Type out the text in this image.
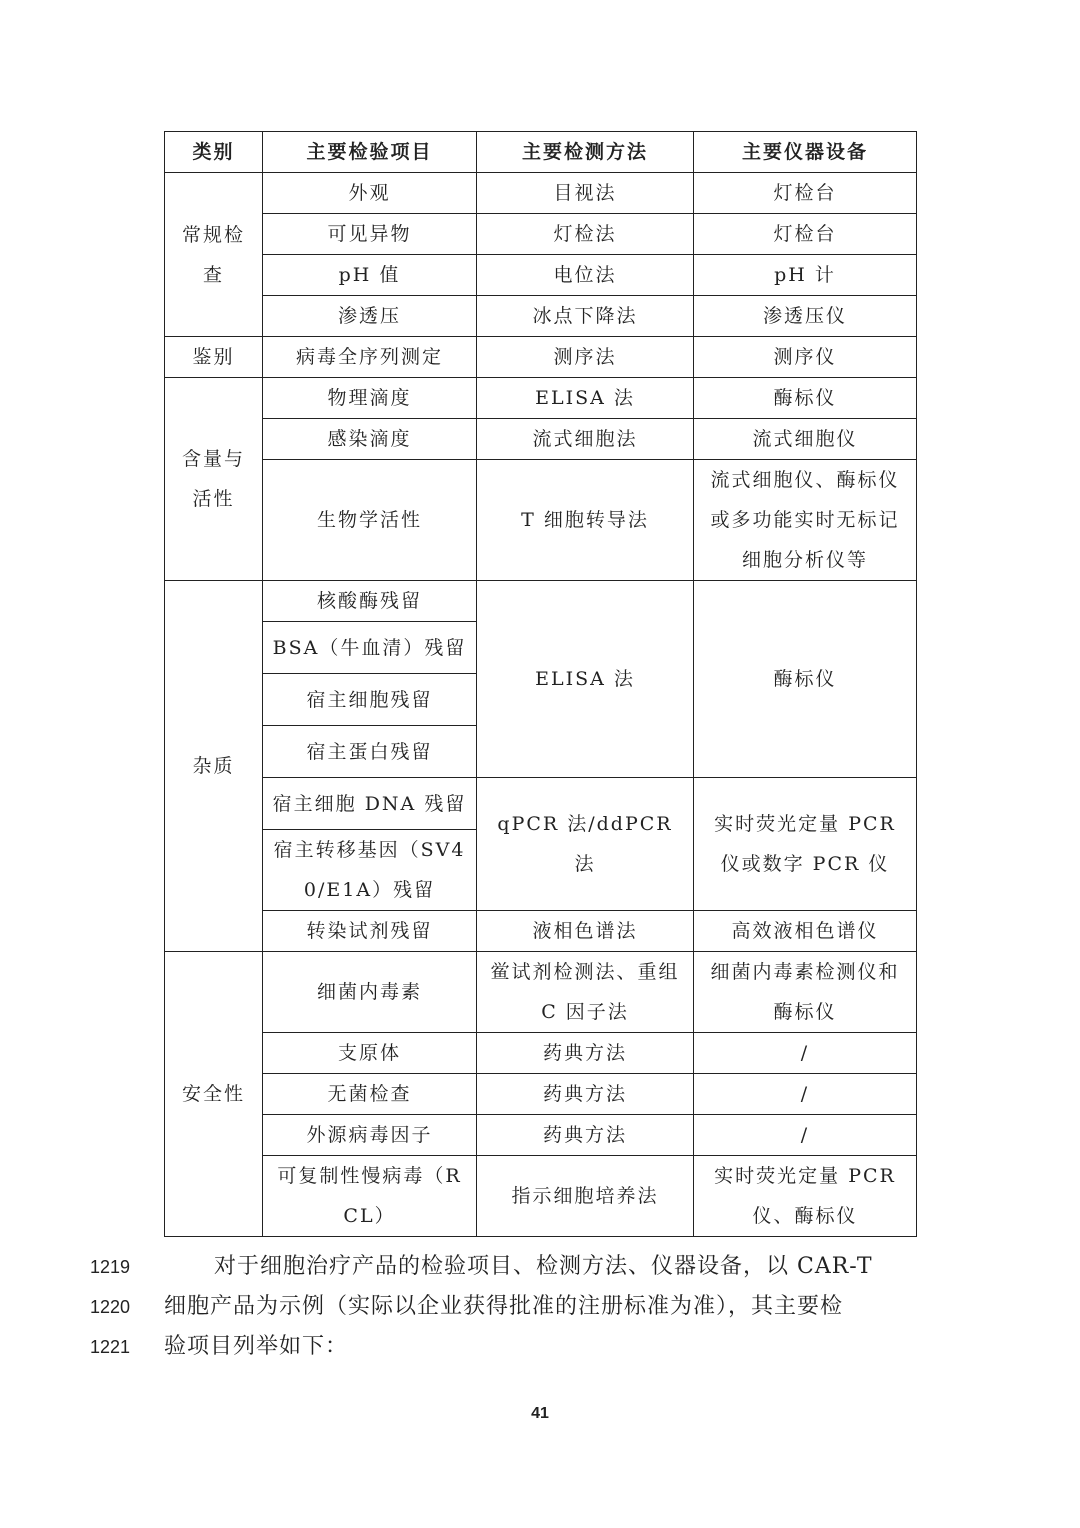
类别	主要检验项目	主要检测方法	主要仪器设备
常规检查	外观	目视法	灯检台
	可见异物	灯检法	灯检台
	pH 值	电位法	pH 计
	渗透压	冰点下降法	渗透压仪
鉴别	病毒全序列测定	测序法	测序仪
含量与活性	物理滴度	ELISA 法	酶标仪
	感染滴度	流式细胞法	流式细胞仪
	生物学活性	T 细胞转导法	流式细胞仪、酶标仪或多功能实时无标记细胞分析仪等
杂质	核酸酶残留	ELISA 法	酶标仪
	BSA（牛血清）残留		
	宿主细胞残留		
	宿主蛋白残留		
	宿主细胞 DNA 残留	qPCR 法/ddPCR 法	实时荧光定量 PCR 仪或数字 PCR 仪
	宿主转移基因（SV40/E1A）残留		
	转染试剂残留	液相色谱法	高效液相色谱仪
安全性	细菌内毒素	鲎试剂检测法、重组C 因子法	细菌内毒素检测仪和酶标仪
	支原体	药典方法	/
	无菌检查	药典方法	/
	外源病毒因子	药典方法	/
	可复制性慢病毒（RCL）	指示细胞培养法	实时荧光定量 PCR 仪、酶标仪
1219	对于细胞治疗产品的检验项目、检测方法、仪器设备，以 CAR-T
1220	细胞产品为示例（实际以企业获得批准的注册标准为准），其主要检
1221	验项目列举如下：
41
